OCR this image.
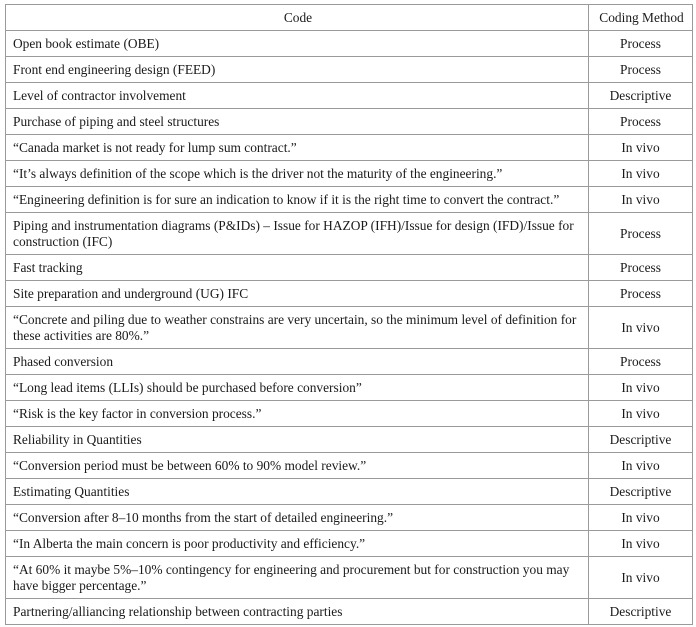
Code	Coding Method
Open book estimate (OBE)	Process
Front end engineering design (FEED)	Process
Level of contractor involvement	Descriptive
Purchase of piping and steel structures	Process
“Canada market is not ready for lump sum contract.”	In vivo
“It’s always definition of the scope which is the driver not the maturity of the engineering.”	In vivo
“Engineering definition is for sure an indication to know if it is the right time to convert the contract.”	In vivo
Piping and instrumentation diagrams (P&IDs) – Issue for HAZOP (IFH)/Issue for design (IFD)/Issue for construction (IFC)	Process
Fast tracking	Process
Site preparation and underground (UG) IFC	Process
“Concrete and piling due to weather constrains are very uncertain, so the minimum level of definition for these activities are 80%.”	In vivo
Phased conversion	Process
“Long lead items (LLIs) should be purchased before conversion”	In vivo
“Risk is the key factor in conversion process.”	In vivo
Reliability in Quantities	Descriptive
“Conversion period must be between 60% to 90% model review.”	In vivo
Estimating Quantities	Descriptive
“Conversion after 8–10 months from the start of detailed engineering.”	In vivo
“In Alberta the main concern is poor productivity and efficiency.”	In vivo
“At 60% it maybe 5%–10% contingency for engineering and procurement but for construction you may have bigger percentage.”	In vivo
Partnering/alliancing relationship between contracting parties	Descriptive
